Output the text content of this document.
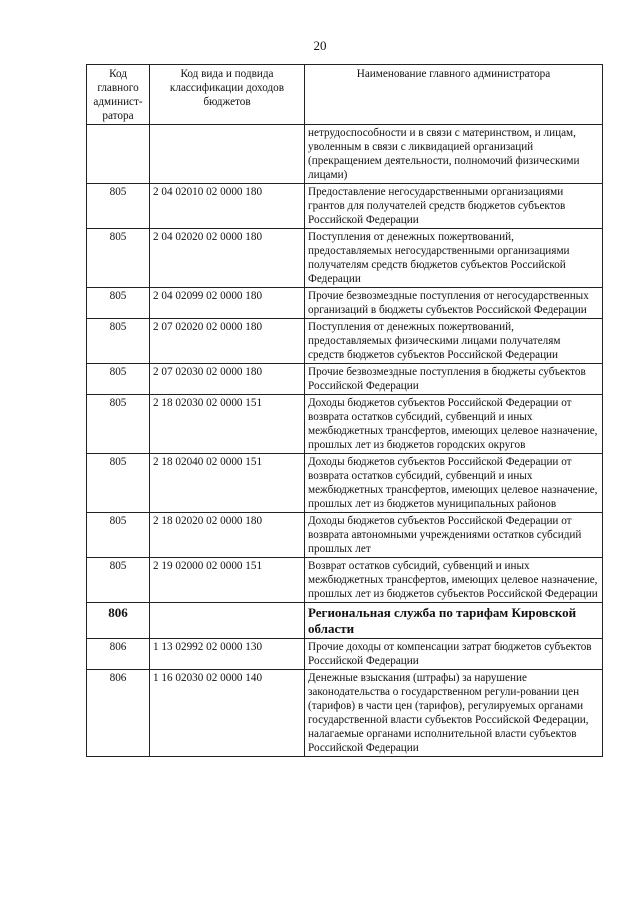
20
Код главного админист-ратора	Код вида и подвида классификации доходов бюджетов	Наименование главного администратора
		нетрудоспособности и в связи с материнством, и лицам, уволенным в связи с ликвидацией организаций (прекращением деятельности, полномочий физическими лицами)
805	2 04 02010 02 0000 180	Предоставление негосударственными организациями грантов для получателей средств бюджетов субъектов Российской Федерации
805	2 04 02020 02 0000 180	Поступления от денежных пожертвований, предоставляемых негосударственными организациями получателям средств бюджетов субъектов Российской Федерации
805	2 04 02099 02 0000 180	Прочие безвозмездные поступления от негосударственных организаций в бюджеты субъектов Российской Федерации
805	2 07 02020 02 0000 180	Поступления от денежных пожертвований, предоставляемых физическими лицами получателям средств бюджетов субъектов Российской Федерации
805	2 07 02030 02 0000 180	Прочие безвозмездные поступления в бюджеты субъектов Российской Федерации
805	2 18 02030 02 0000 151	Доходы бюджетов субъектов Российской Федерации от возврата остатков субсидий, субвенций и иных межбюджетных трансфертов, имеющих целевое назначение, прошлых лет из бюджетов городских округов
805	2 18 02040 02 0000 151	Доходы бюджетов субъектов Российской Федерации от возврата остатков субсидий, субвенций и иных межбюджетных трансфертов, имеющих целевое назначение, прошлых лет из бюджетов муниципальных районов
805	2 18 02020 02 0000 180	Доходы бюджетов субъектов Российской Федерации от возврата автономными учреждениями остатков субсидий прошлых лет
805	2 19 02000 02 0000 151	Возврат остатков субсидий, субвенций и иных межбюджетных трансфертов, имеющих целевое назначение, прошлых лет из бюджетов субъектов Российской Федерации
806		Региональная служба по тарифам Кировской области
806	1 13 02992 02 0000 130	Прочие доходы от компенсации затрат бюджетов субъектов Российской Федерации
806	1 16 02030 02 0000 140	Денежные взыскания (штрафы) за нарушение законодательства о государственном регули-ровании цен (тарифов) в части цен (тарифов), регулируемых органами государственной власти субъектов Российской Федерации, налагаемые органами исполнительной власти субъектов Российской Федерации
